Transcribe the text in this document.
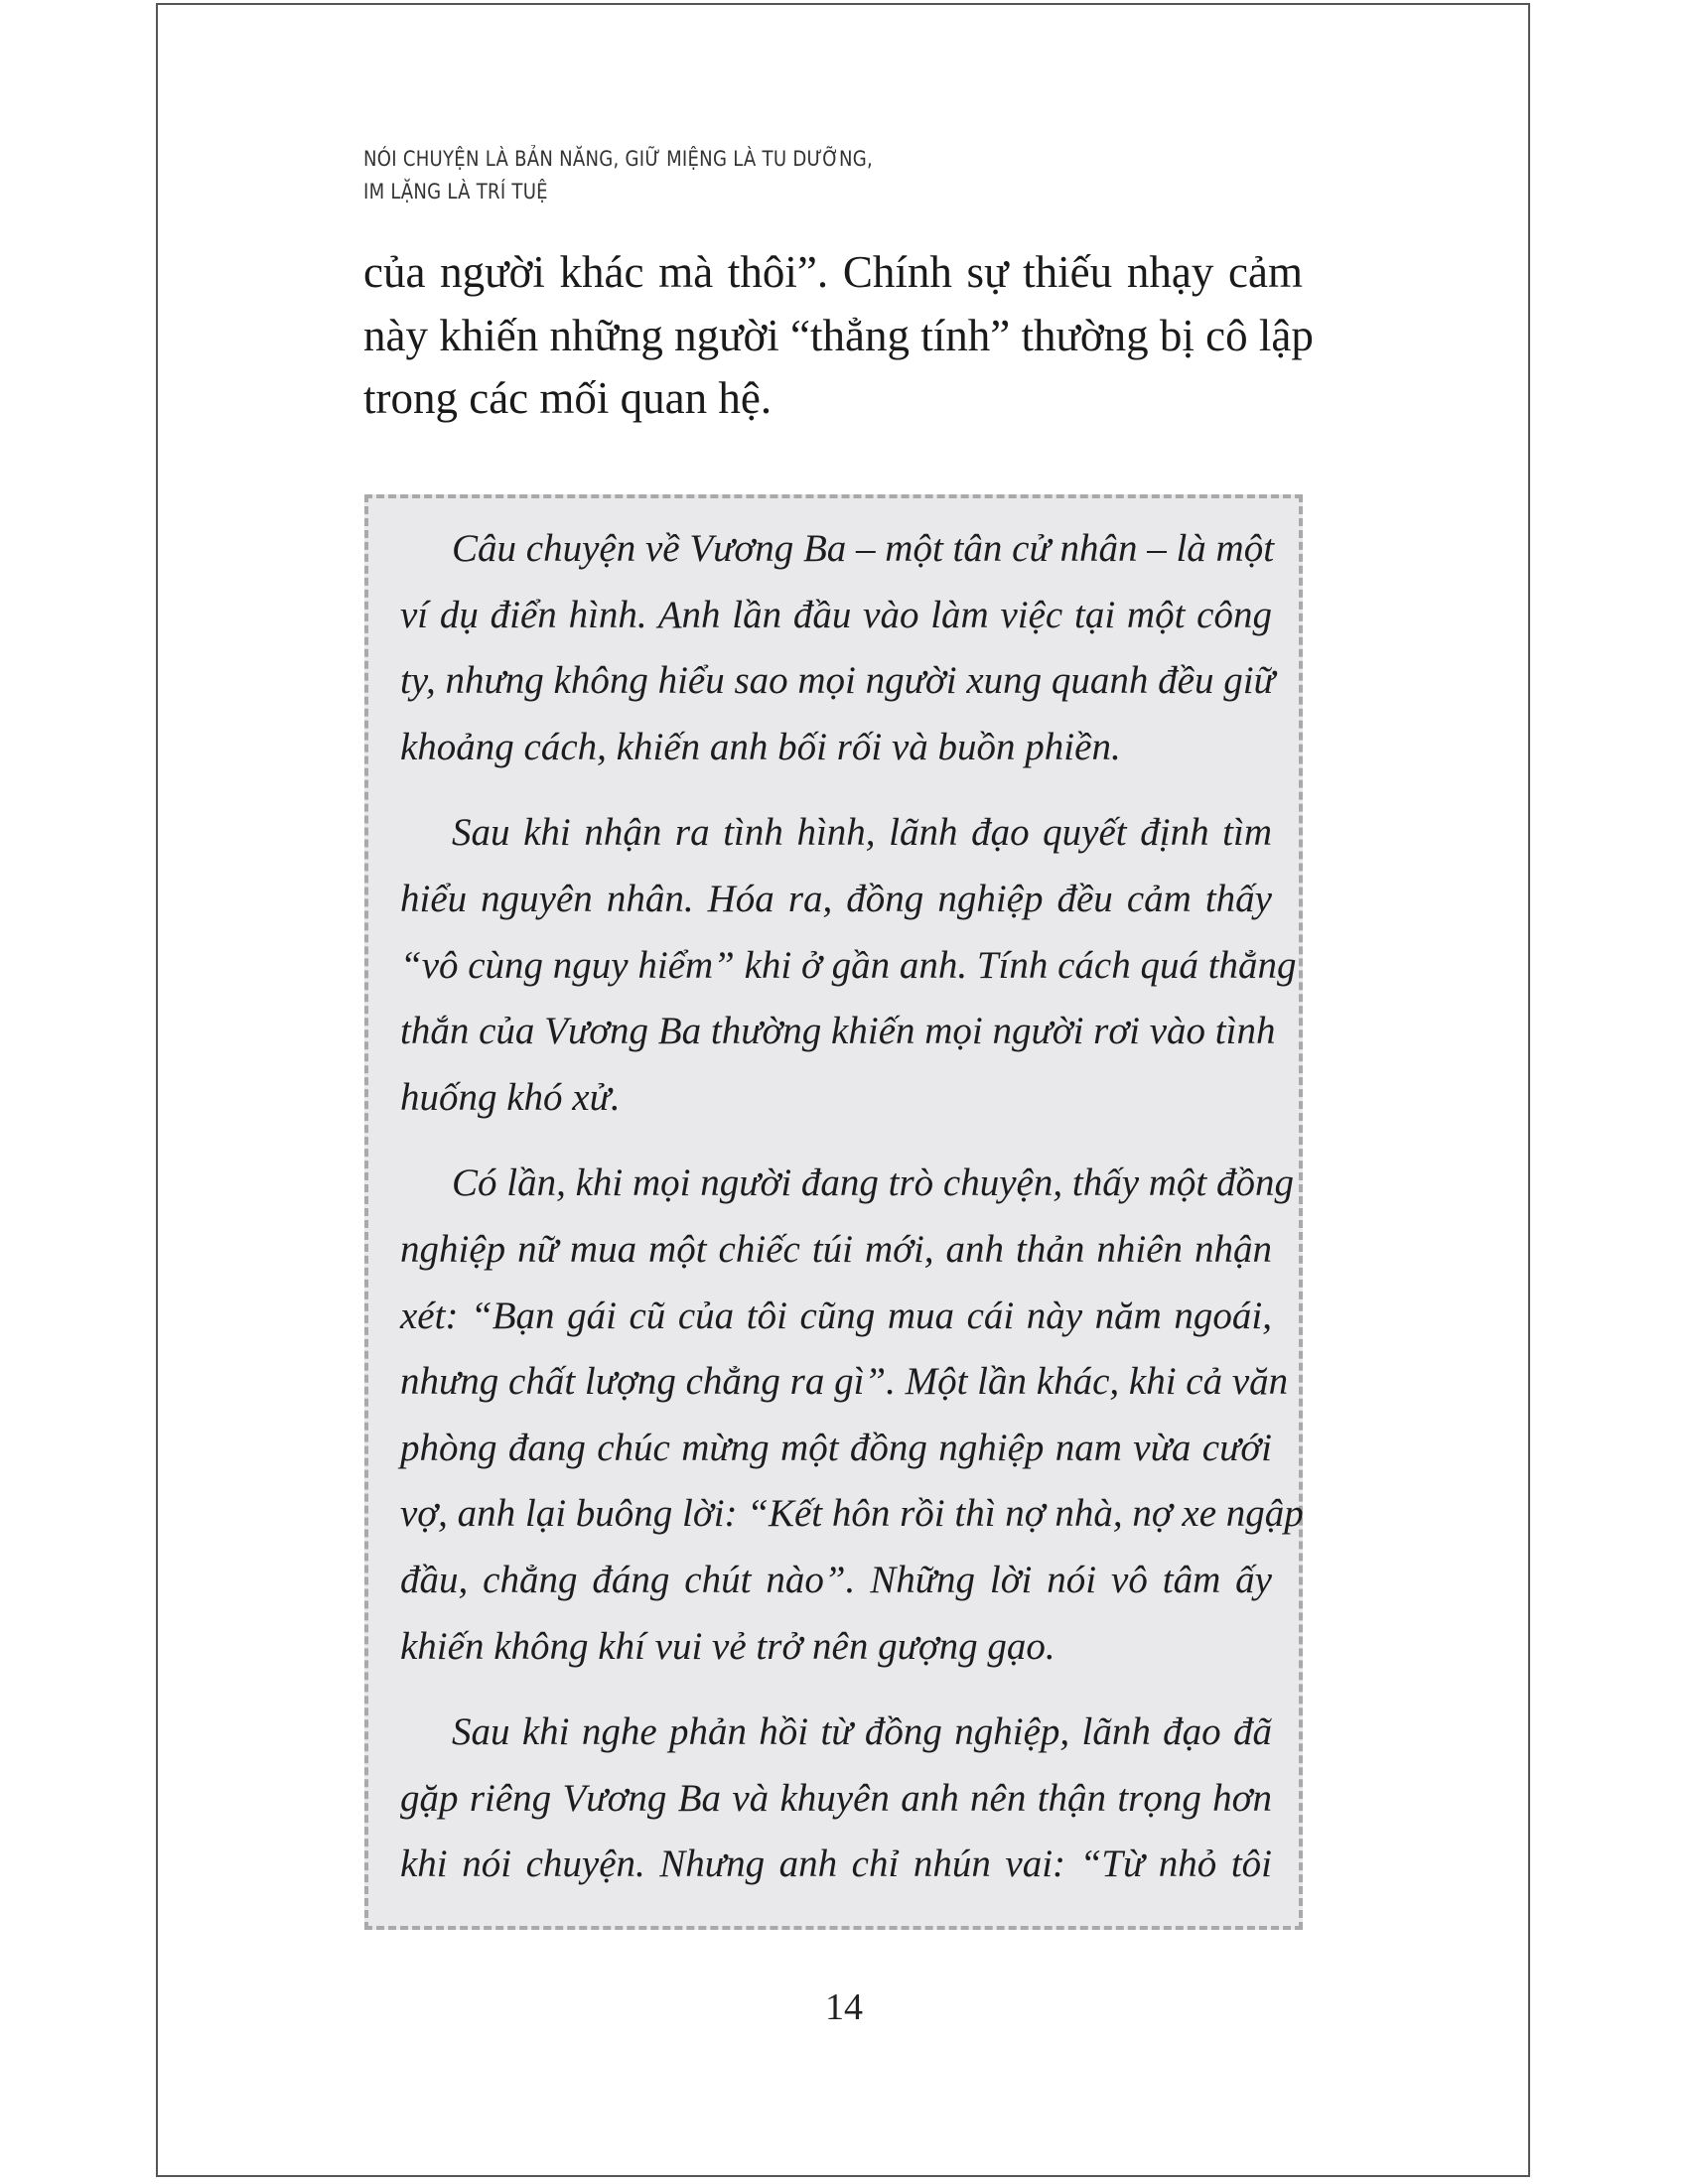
NÓI CHUYỆN LÀ BẢN NĂNG, GIỮ MIỆNG LÀ TU DƯỠNG,
IM LẶNG LÀ TRÍ TUỆ
của người khác mà thôi”. Chính sự thiếu nhạy cảm
này khiến những người “thẳng tính” thường bị cô lập
trong các mối quan hệ.
Câu chuyện về Vương Ba – một tân cử nhân – là một
ví dụ điển hình. Anh lần đầu vào làm việc tại một công
ty, nhưng không hiểu sao mọi người xung quanh đều giữ
khoảng cách, khiến anh bối rối và buồn phiền.
Sau khi nhận ra tình hình, lãnh đạo quyết định tìm
hiểu nguyên nhân. Hóa ra, đồng nghiệp đều cảm thấy
“vô cùng nguy hiểm” khi ở gần anh. Tính cách quá thẳng
thắn của Vương Ba thường khiến mọi người rơi vào tình
huống khó xử.
Có lần, khi mọi người đang trò chuyện, thấy một đồng
nghiệp nữ mua một chiếc túi mới, anh thản nhiên nhận
xét: “Bạn gái cũ của tôi cũng mua cái này năm ngoái,
nhưng chất lượng chẳng ra gì”. Một lần khác, khi cả văn
phòng đang chúc mừng một đồng nghiệp nam vừa cưới
vợ, anh lại buông lời: “Kết hôn rồi thì nợ nhà, nợ xe ngập
đầu, chẳng đáng chút nào”. Những lời nói vô tâm ấy
khiến không khí vui vẻ trở nên gượng gạo.
Sau khi nghe phản hồi từ đồng nghiệp, lãnh đạo đã
gặp riêng Vương Ba và khuyên anh nên thận trọng hơn
khi nói chuyện. Nhưng anh chỉ nhún vai: “Từ nhỏ tôi
14
